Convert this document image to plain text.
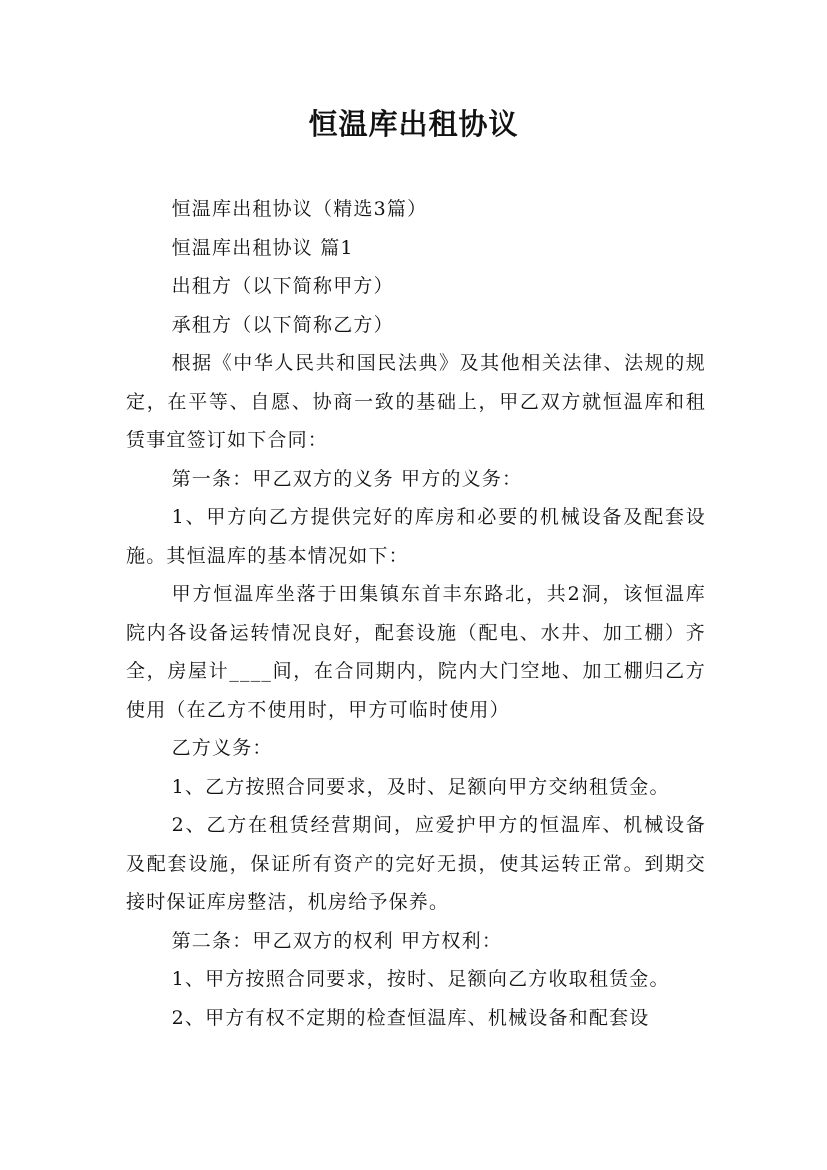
恒温库出租协议

恒温库出租协议（精选3篇）

恒温库出租协议 篇1

出租方（以下简称甲方）

承租方（以下简称乙方）

根据《中华人民共和国民法典》及其他相关法律、法规的规定，在平等、自愿、协商一致的基础上，甲乙双方就恒温库和租赁事宜签订如下合同：

第一条：甲乙双方的义务 甲方的义务：

1、甲方向乙方提供完好的库房和必要的机械设备及配套设施。其恒温库的基本情况如下：

甲方恒温库坐落于田集镇东首丰东路北，共2洞，该恒温库院内各设备运转情况良好，配套设施（配电、水井、加工棚）齐全，房屋计____间，在合同期内，院内大门空地、加工棚归乙方使用（在乙方不使用时，甲方可临时使用）

乙方义务：

1、乙方按照合同要求，及时、足额向甲方交纳租赁金。

2、乙方在租赁经营期间，应爱护甲方的恒温库、机械设备及配套设施，保证所有资产的完好无损，使其运转正常。到期交接时保证库房整洁，机房给予保养。

第二条：甲乙双方的权利 甲方权利：

1、甲方按照合同要求，按时、足额向乙方收取租赁金。

2、甲方有权不定期的检查恒温库、机械设备和配套设
